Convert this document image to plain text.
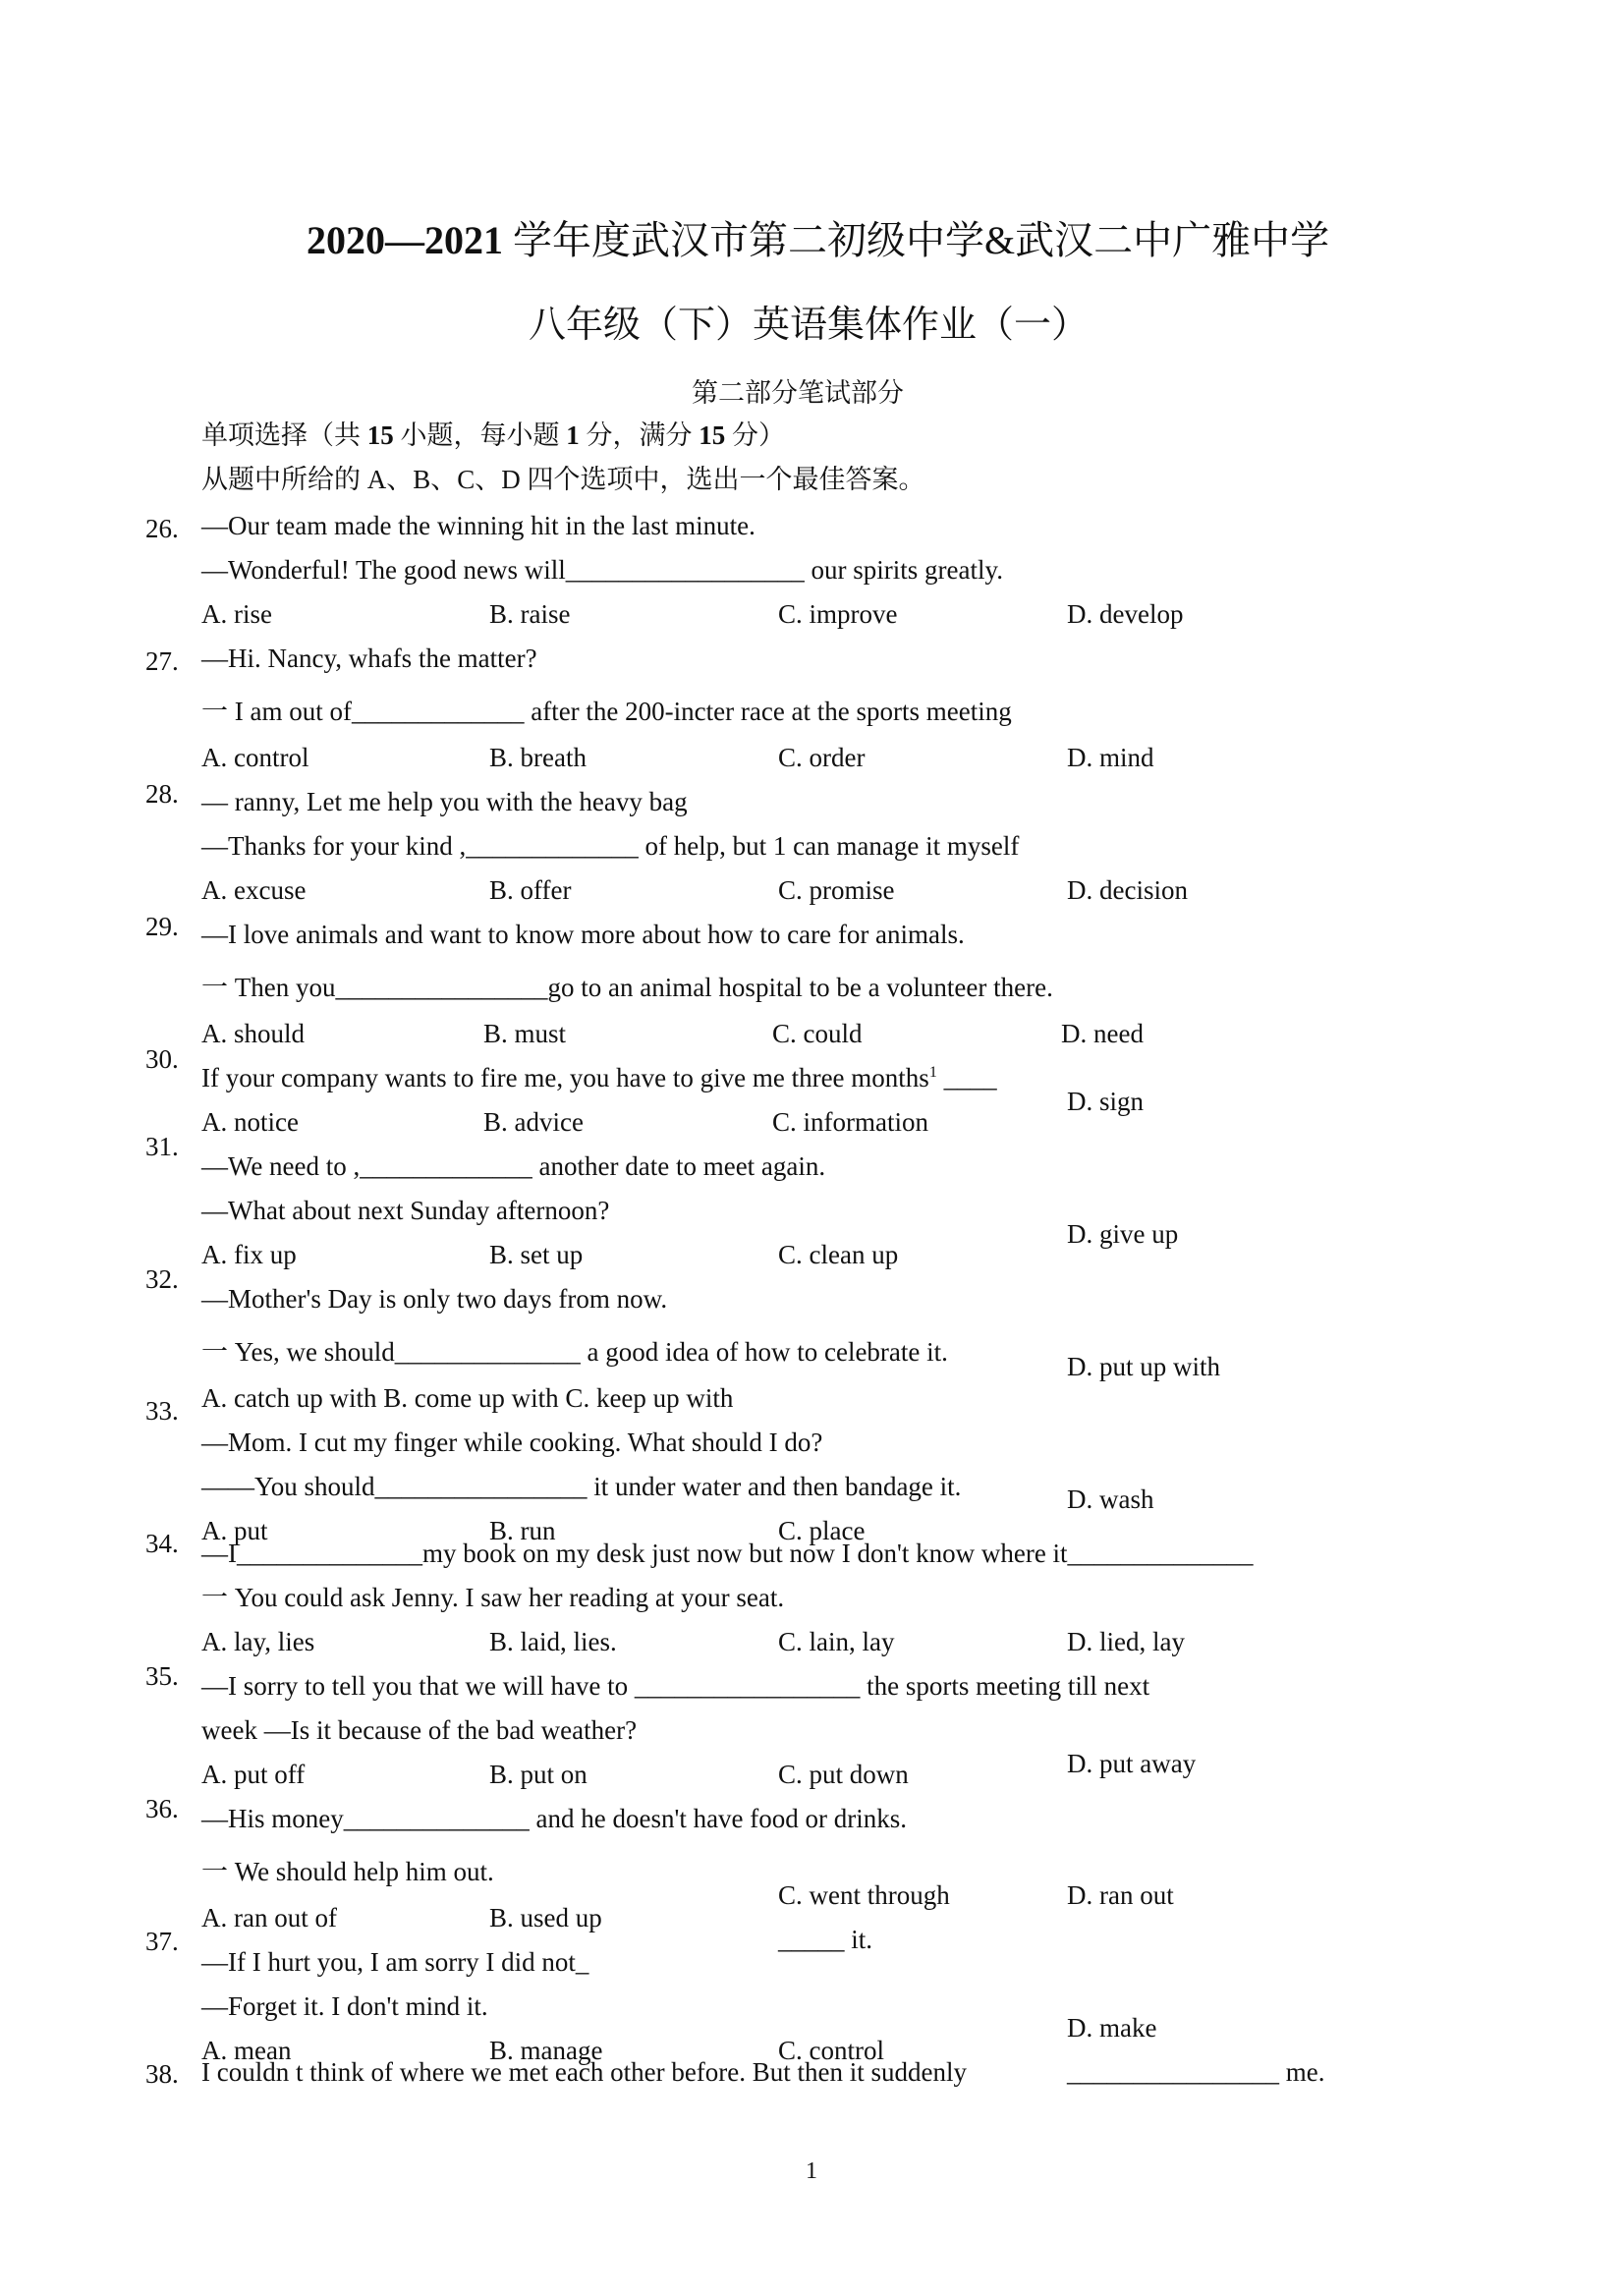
2020—2021 学年度武汉市第二初级中学&武汉二中广雅中学
八年级（下）英语集体作业（一）
第二部分笔试部分
单项选择（共 15 小题，每小题 1 分，满分 15 分）
从题中所给的 A、B、C、D 四个选项中，选出一个最佳答案。
26. —Our team made the winning hit in the last minute.
—Wonderful! The good news will__________________ our spirits greatly.
A. rise	B. raise	C. improve	D. develop
27. —Hi. Nancy, whafs the matter?
一 I am out of_____________ after the 200-incter race at the sports meeting
A. control	B. breath	C. order	D. mind
28. — ranny, Let me help you with the heavy bag
—Thanks for your kind ,_____________ of help, but 1 can manage it myself
A. excuse	B. offer	C. promise	D. decision
29. —I love animals and want to know more about how to care for animals.
一 Then you________________go to an animal hospital to be a volunteer there.
A. should	B. must	C. could	D. need
30.
If your company wants to fire me, you have to give me three months$^1$ ____
A. notice	B. advice	C. information
D. sign
31.
—We need to ,_____________ another date to meet again.
—What about next Sunday afternoon?
A. fix up	B. set up	C. clean up
D. give up
32.
—Mother's Day is only two days from now.
一 Yes, we should______________ a good idea of how to celebrate it.
A. catch up with B. come up with C. keep up with
D. put up with
33.
—Mom. I cut my finger while cooking. What should I do?
——You should________________ it under water and then bandage it.
A. put	B. run	C. place
D. wash
34. —I______________my book on my desk just now but now I don't know where it______________
一 You could ask Jenny. I saw her reading at your seat.
A. lay, lies	B. laid, lies.	C. lain, lay	D. lied, lay
35. —I sorry to tell you that we will have to _________________ the sports meeting till next
week —Is it because of the bad weather?
A. put off	B. put on	C. put down	D. put away
36. —His money______________ and he doesn't have food or drinks.
一 We should help him out.
A. ran out of	B. used up
C. went through	D. ran out
37.
—If I hurt you, I am sorry I did not_
_____ it.
—Forget it. I don't mind it.
A. mean	B. manage	C. control
D. make
38. I couldn t think of where we met each other before. But then it suddenly	________________ me.
1
